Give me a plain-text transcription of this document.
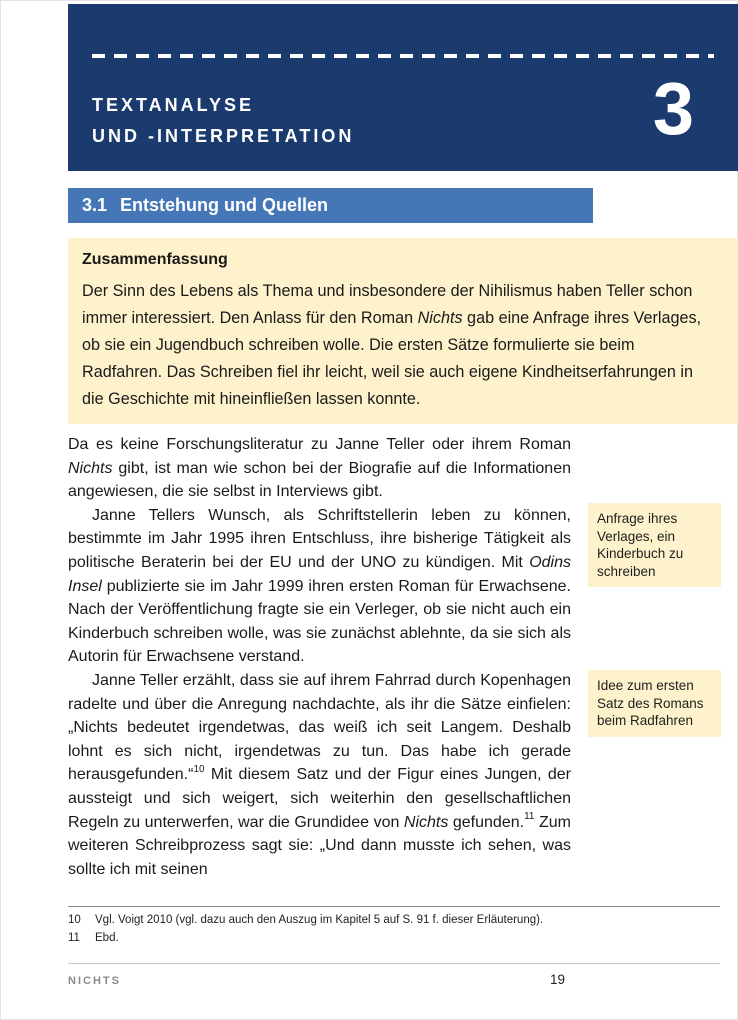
TEXTANALYSE
UND -INTERPRETATION	3
3.1 Entstehung und Quellen
Zusammenfassung

Der Sinn des Lebens als Thema und insbesondere der Nihilismus haben Teller schon immer interessiert. Den Anlass für den Roman Nichts gab eine Anfrage ihres Verlages, ob sie ein Jugendbuch schreiben wolle. Die ersten Sätze formulierte sie beim Radfahren. Das Schreiben fiel ihr leicht, weil sie auch eigene Kindheitserfahrungen in die Geschichte mit hineinfließen lassen konnte.

Da es keine Forschungsliteratur zu Janne Teller oder ihrem Roman Nichts gibt, ist man wie schon bei der Biografie auf die Informationen angewiesen, die sie selbst in Interviews gibt.

Janne Tellers Wunsch, als Schriftstellerin leben zu können, bestimmte im Jahr 1995 ihren Entschluss, ihre bisherige Tätigkeit als politische Beraterin bei der EU und der UNO zu kündigen. Mit Odins Insel publizierte sie im Jahr 1999 ihren ersten Roman für Erwachsene. Nach der Veröffentlichung fragte sie ein Verleger, ob sie nicht auch ein Kinderbuch schreiben wolle, was sie zunächst ablehnte, da sie sich als Autorin für Erwachsene verstand.

Janne Teller erzählt, dass sie auf ihrem Fahrrad durch Kopenhagen radelte und über die Anregung nachdachte, als ihr die Sätze einfielen: „Nichts bedeutet irgendetwas, das weiß ich seit Langem. Deshalb lohnt es sich nicht, irgendetwas zu tun. Das habe ich gerade herausgefunden.“$^{10}$ Mit diesem Satz und der Figur eines Jungen, der aussteigt und sich weigert, sich weiterhin den gesellschaftlichen Regeln zu unterwerfen, war die Grundidee von Nichts gefunden.$^{11}$ Zum weiteren Schreibprozess sagt sie: „Und dann musste ich sehen, was sollte ich mit seinen

Anfrage ihres Verlages, ein Kinderbuch zu schreiben
Idee zum ersten Satz des Romans beim Radfahren
10 Vgl. Voigt 2010 (vgl. dazu auch den Auszug im Kapitel 5 auf S. 91 f. dieser Erläuterung).
11 Ebd.
NICHTS	19
